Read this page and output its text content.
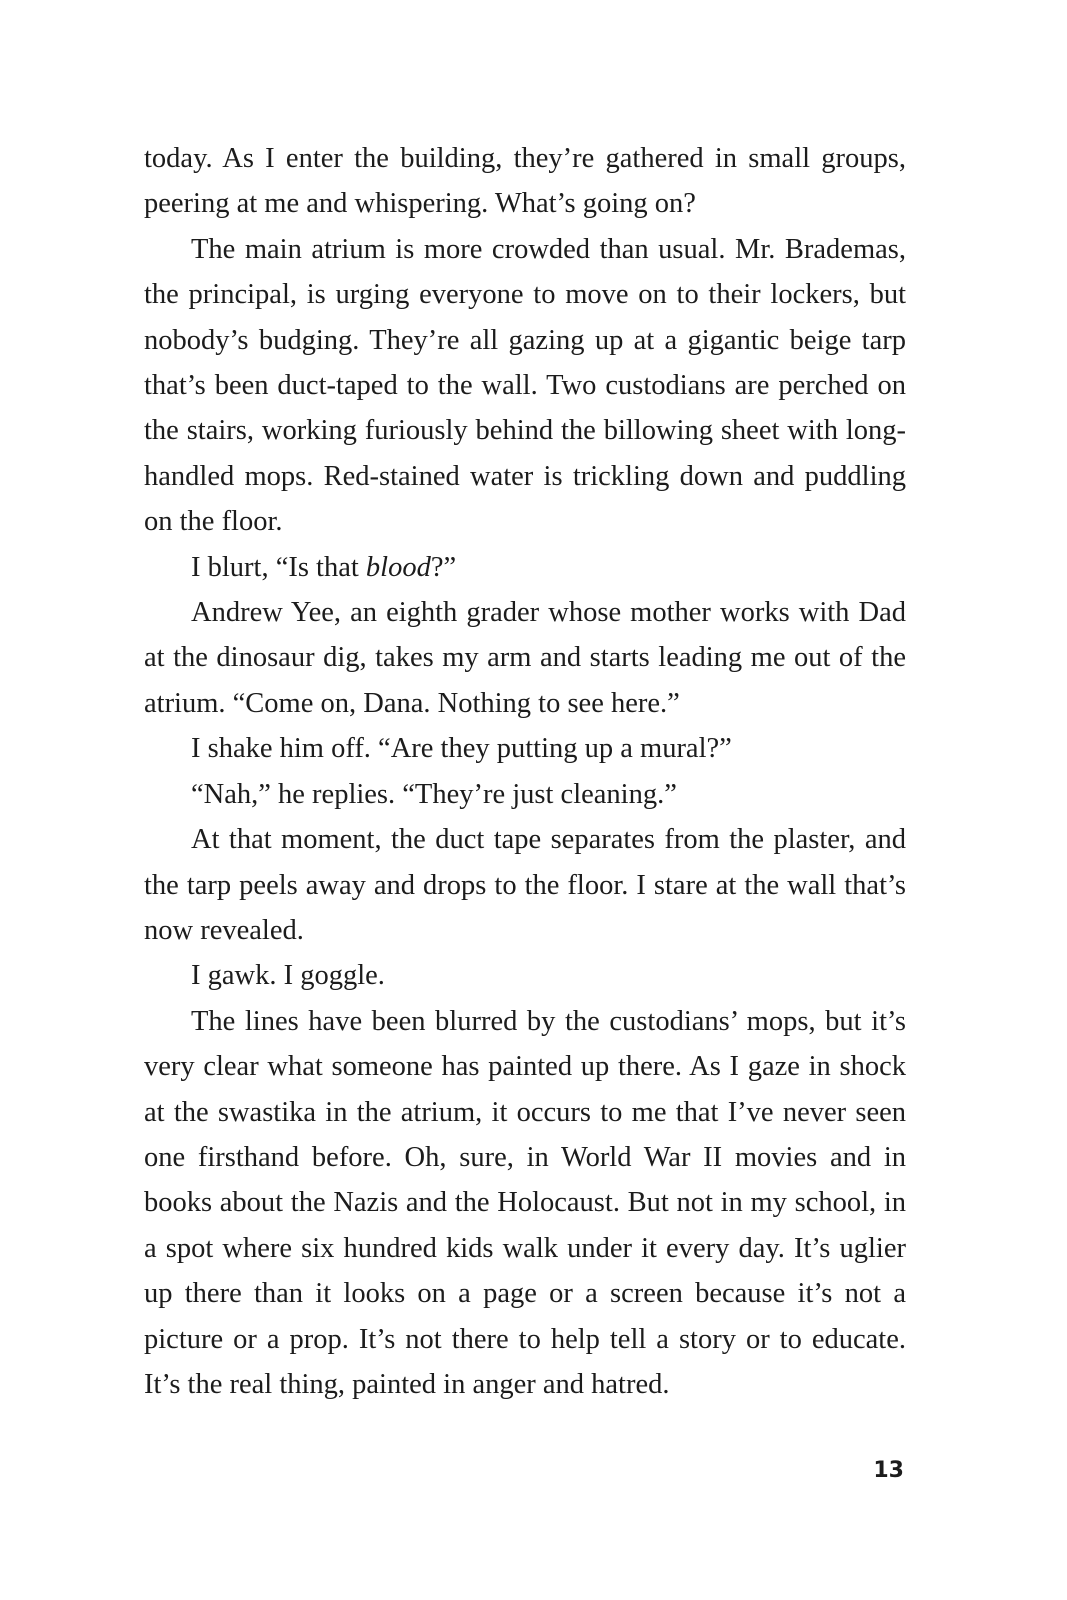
today. As I enter the building, they’re gathered in small groups, peering at me and whispering. What’s going on?

The main atrium is more crowded than usual. Mr. Brademas, the principal, is urging everyone to move on to their lockers, but nobody’s budging. They’re all gazing up at a gigantic beige tarp that’s been duct-taped to the wall. Two custodians are perched on the stairs, working furiously behind the billowing sheet with long-handled mops. Red-stained water is trickling down and puddling on the floor.

I blurt, “Is that blood?”

Andrew Yee, an eighth grader whose mother works with Dad at the dinosaur dig, takes my arm and starts leading me out of the atrium. “Come on, Dana. Nothing to see here.”

I shake him off. “Are they putting up a mural?”

“Nah,” he replies. “They’re just cleaning.”

At that moment, the duct tape separates from the plaster, and the tarp peels away and drops to the floor. I stare at the wall that’s now revealed.

I gawk. I goggle.

The lines have been blurred by the custodians’ mops, but it’s very clear what someone has painted up there. As I gaze in shock at the swastika in the atrium, it occurs to me that I’ve never seen one firsthand before. Oh, sure, in World War II movies and in books about the Nazis and the Holocaust. But not in my school, in a spot where six hundred kids walk under it every day. It’s uglier up there than it looks on a page or a screen because it’s not a picture or a prop. It’s not there to help tell a story or to educate. It’s the real thing, painted in anger and hatred.

13
